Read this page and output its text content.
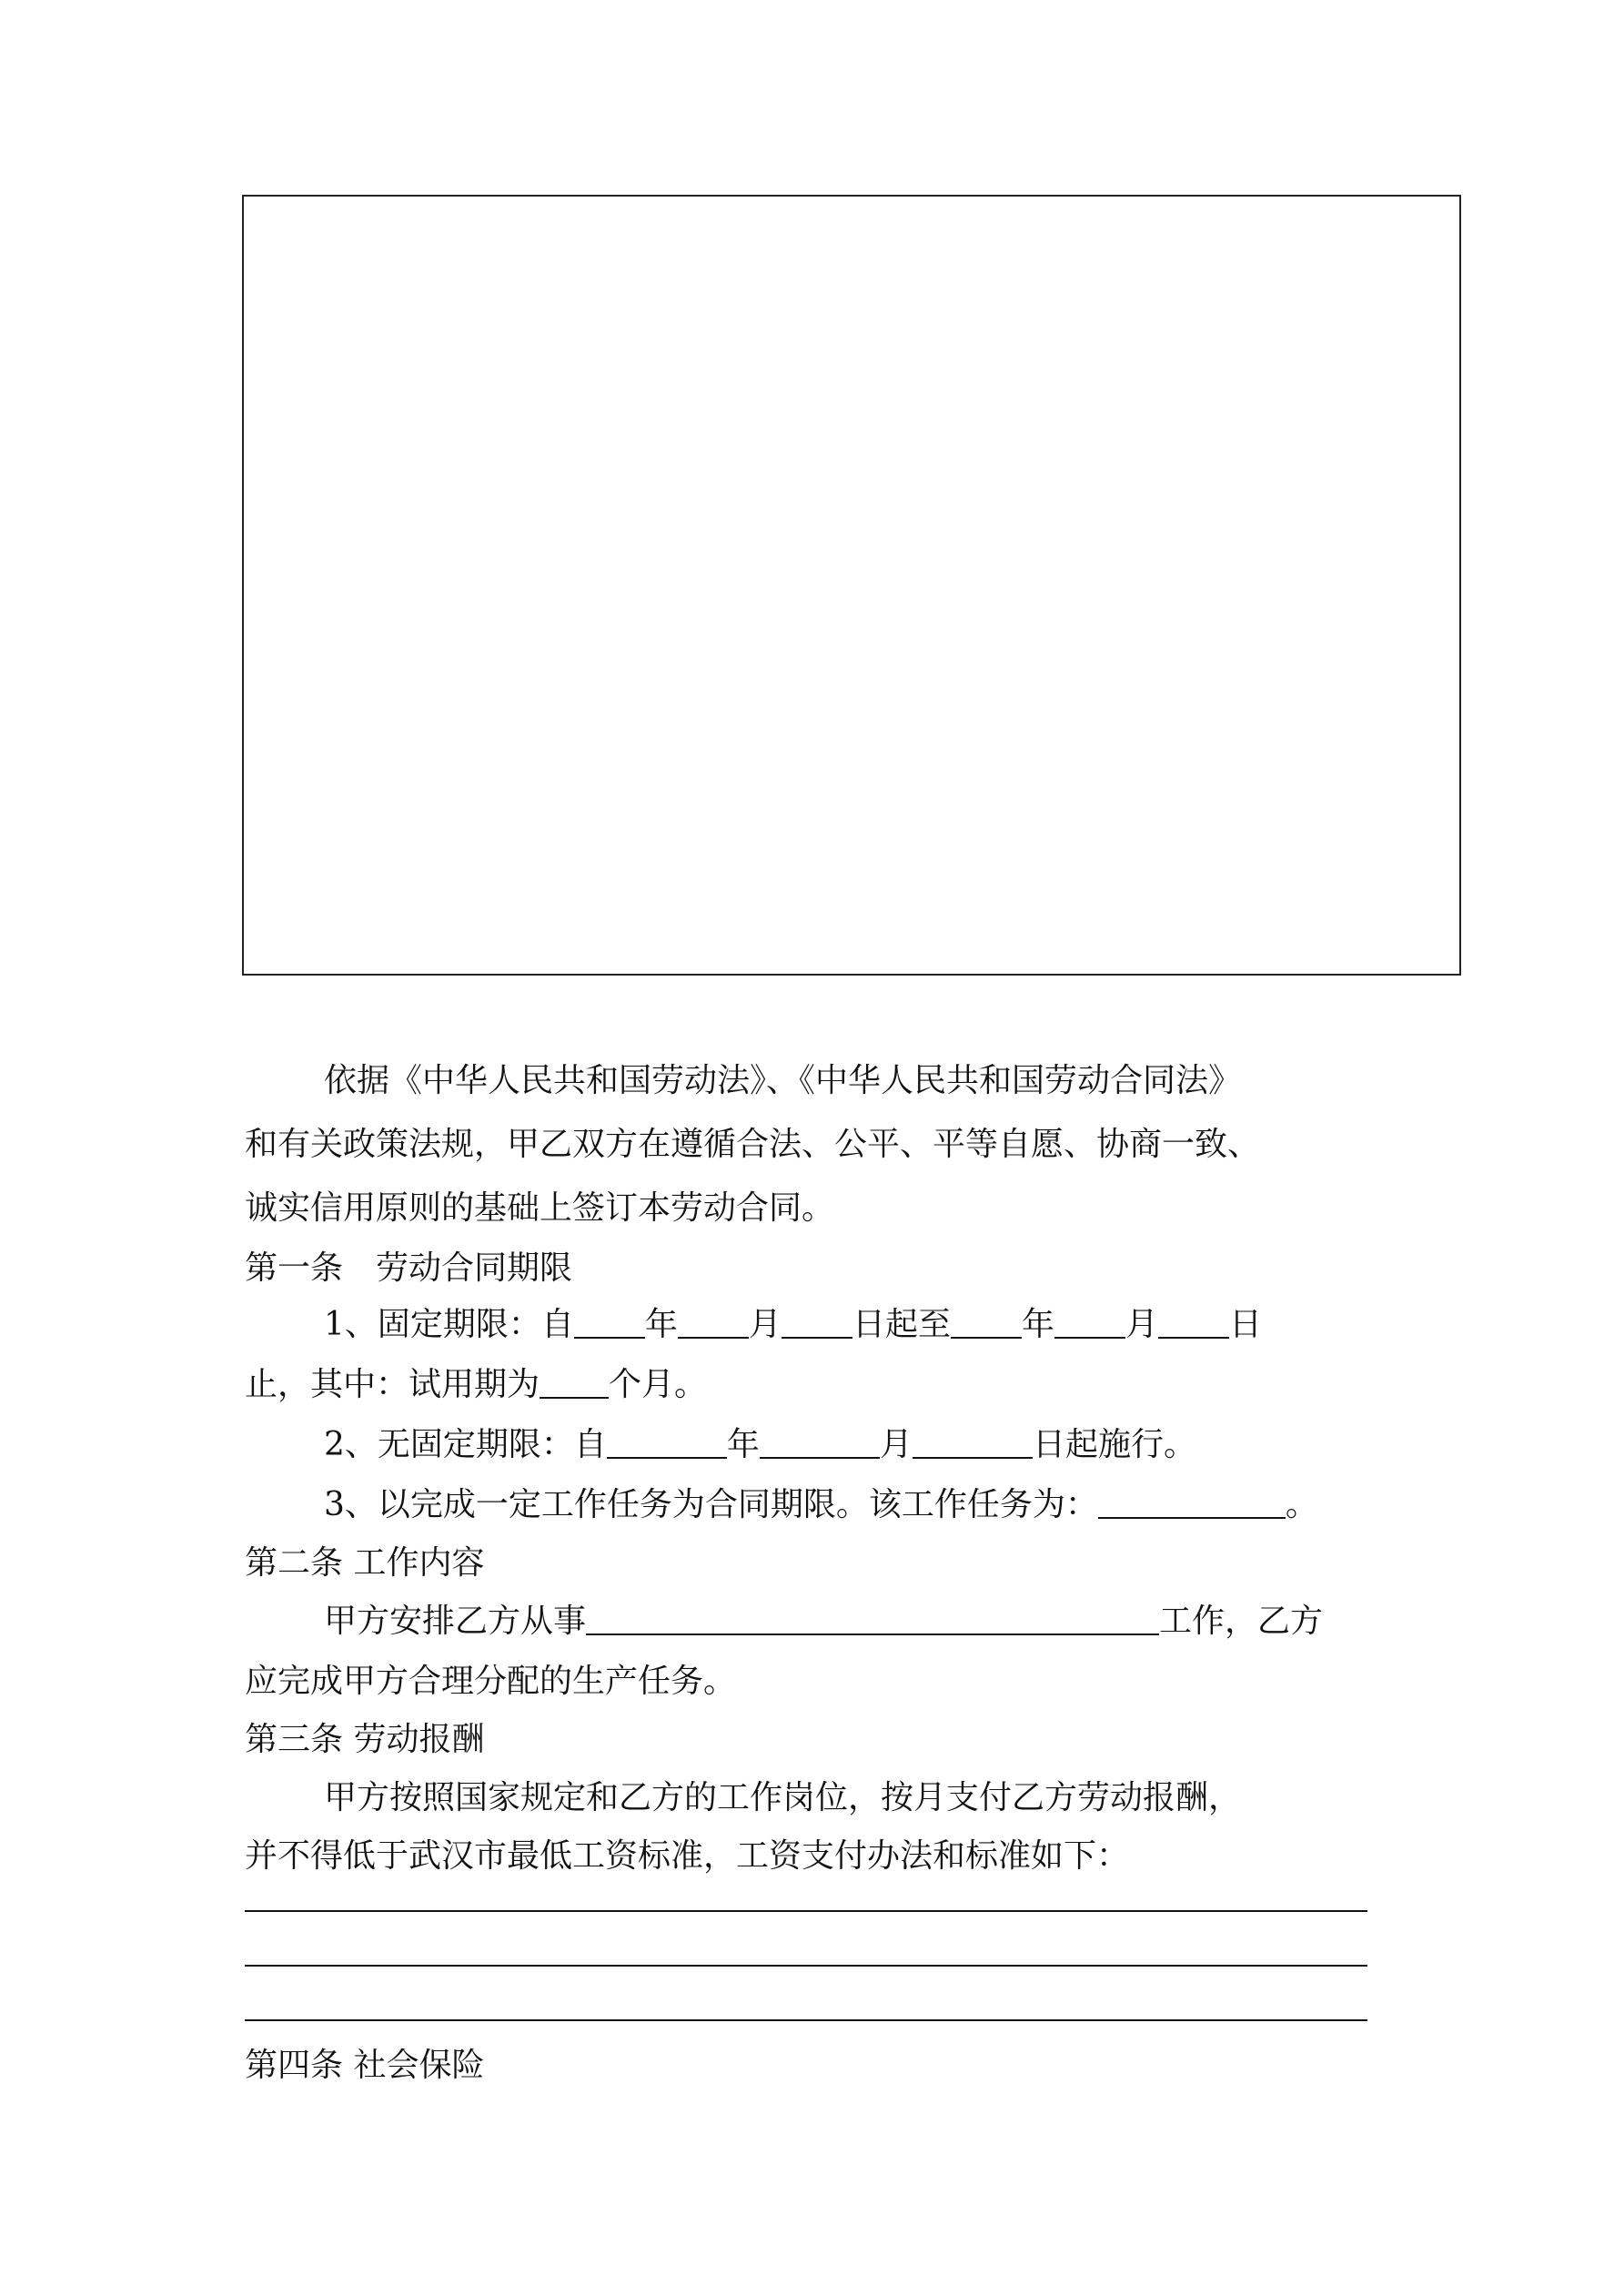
依据《中华人民共和国劳动法》、《中华人民共和国劳动合同法》
和有关政策法规，甲乙双方在遵循合法、公平、平等自愿、协商一致、
诚实信用原则的基础上签订本劳动合同。
第一条　劳动合同期限
1、固定期限：自 年 月 日起至 年 月 日
止，其中：试用期为 个月。
2、无固定期限：自	年	月	日起施行。
3、以完成一定工作任务为合同期限。该工作任务为：	。
第二条 工作内容
甲方安排乙方从事	工作，乙方
应完成甲方合理分配的生产任务。
第三条 劳动报酬
甲方按照国家规定和乙方的工作岗位，按月支付乙方劳动报酬，
并不得低于武汉市最低工资标准，工资支付办法和标准如下：
第四条 社会保险
